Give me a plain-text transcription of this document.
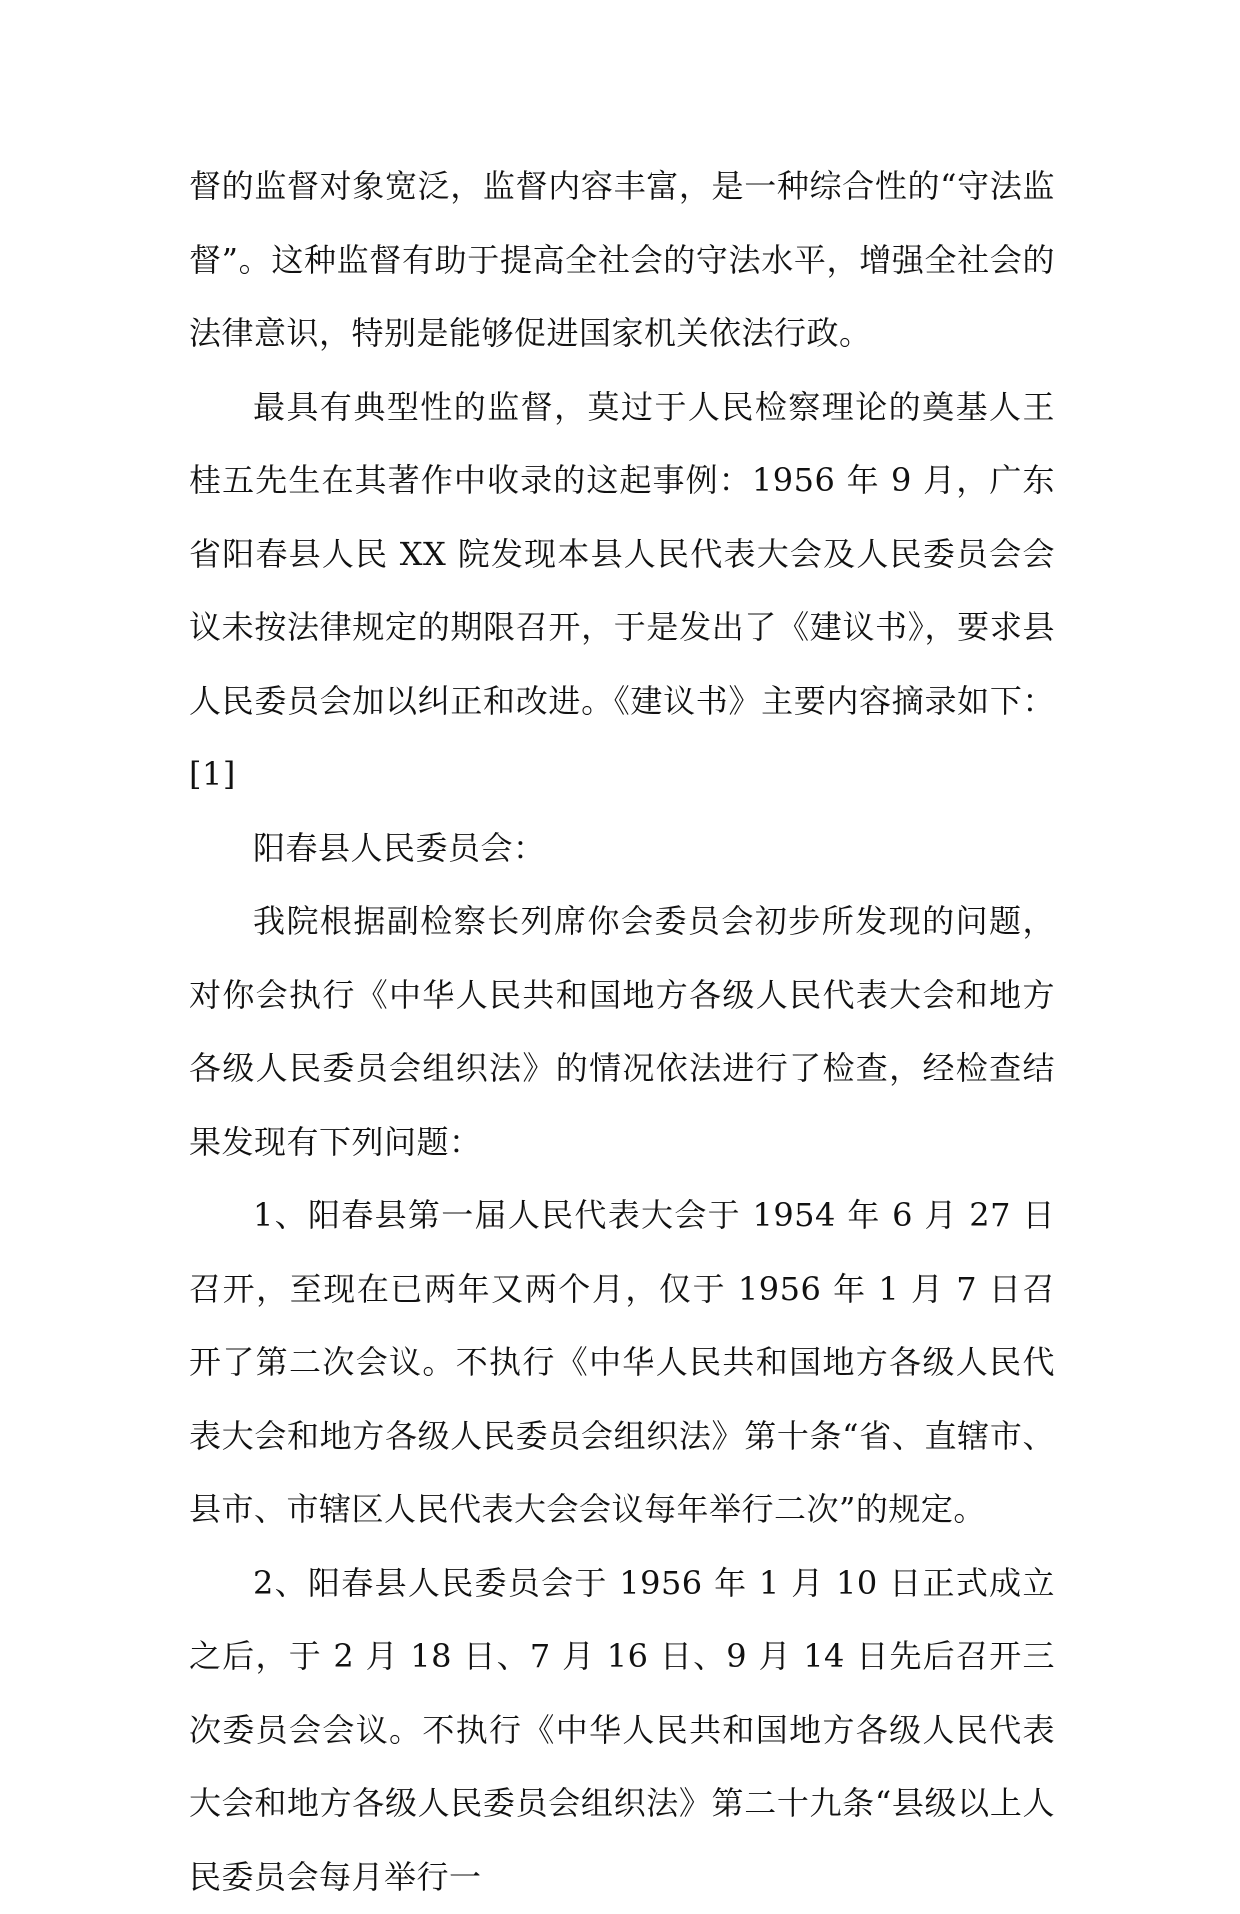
督的监督对象宽泛，监督内容丰富，是一种综合性的“守法监督”。这种监督有助于提高全社会的守法水平，增强全社会的法律意识，特别是能够促进国家机关依法行政。

最具有典型性的监督，莫过于人民检察理论的奠基人王桂五先生在其著作中收录的这起事例：1956 年 9 月，广东省阳春县人民 XX 院发现本县人民代表大会及人民委员会会议未按法律规定的期限召开，于是发出了《建议书》，要求县人民委员会加以纠正和改进。《建议书》主要内容摘录如下：[1]

阳春县人民委员会：

我院根据副检察长列席你会委员会初步所发现的问题，对你会执行《中华人民共和国地方各级人民代表大会和地方各级人民委员会组织法》的情况依法进行了检查，经检查结果发现有下列问题：

1、阳春县第一届人民代表大会于 1954 年 6 月 27 日召开，至现在已两年又两个月，仅于 1956 年 1 月 7 日召开了第二次会议。不执行《中华人民共和国地方各级人民代表大会和地方各级人民委员会组织法》第十条“省、直辖市、县市、市辖区人民代表大会会议每年举行二次”的规定。

2、阳春县人民委员会于 1956 年 1 月 10 日正式成立之后，于 2 月 18 日、7 月 16 日、9 月 14 日先后召开三次委员会会议。不执行《中华人民共和国地方各级人民代表大会和地方各级人民委员会组织法》第二十九条“县级以上人民委员会每月举行一
